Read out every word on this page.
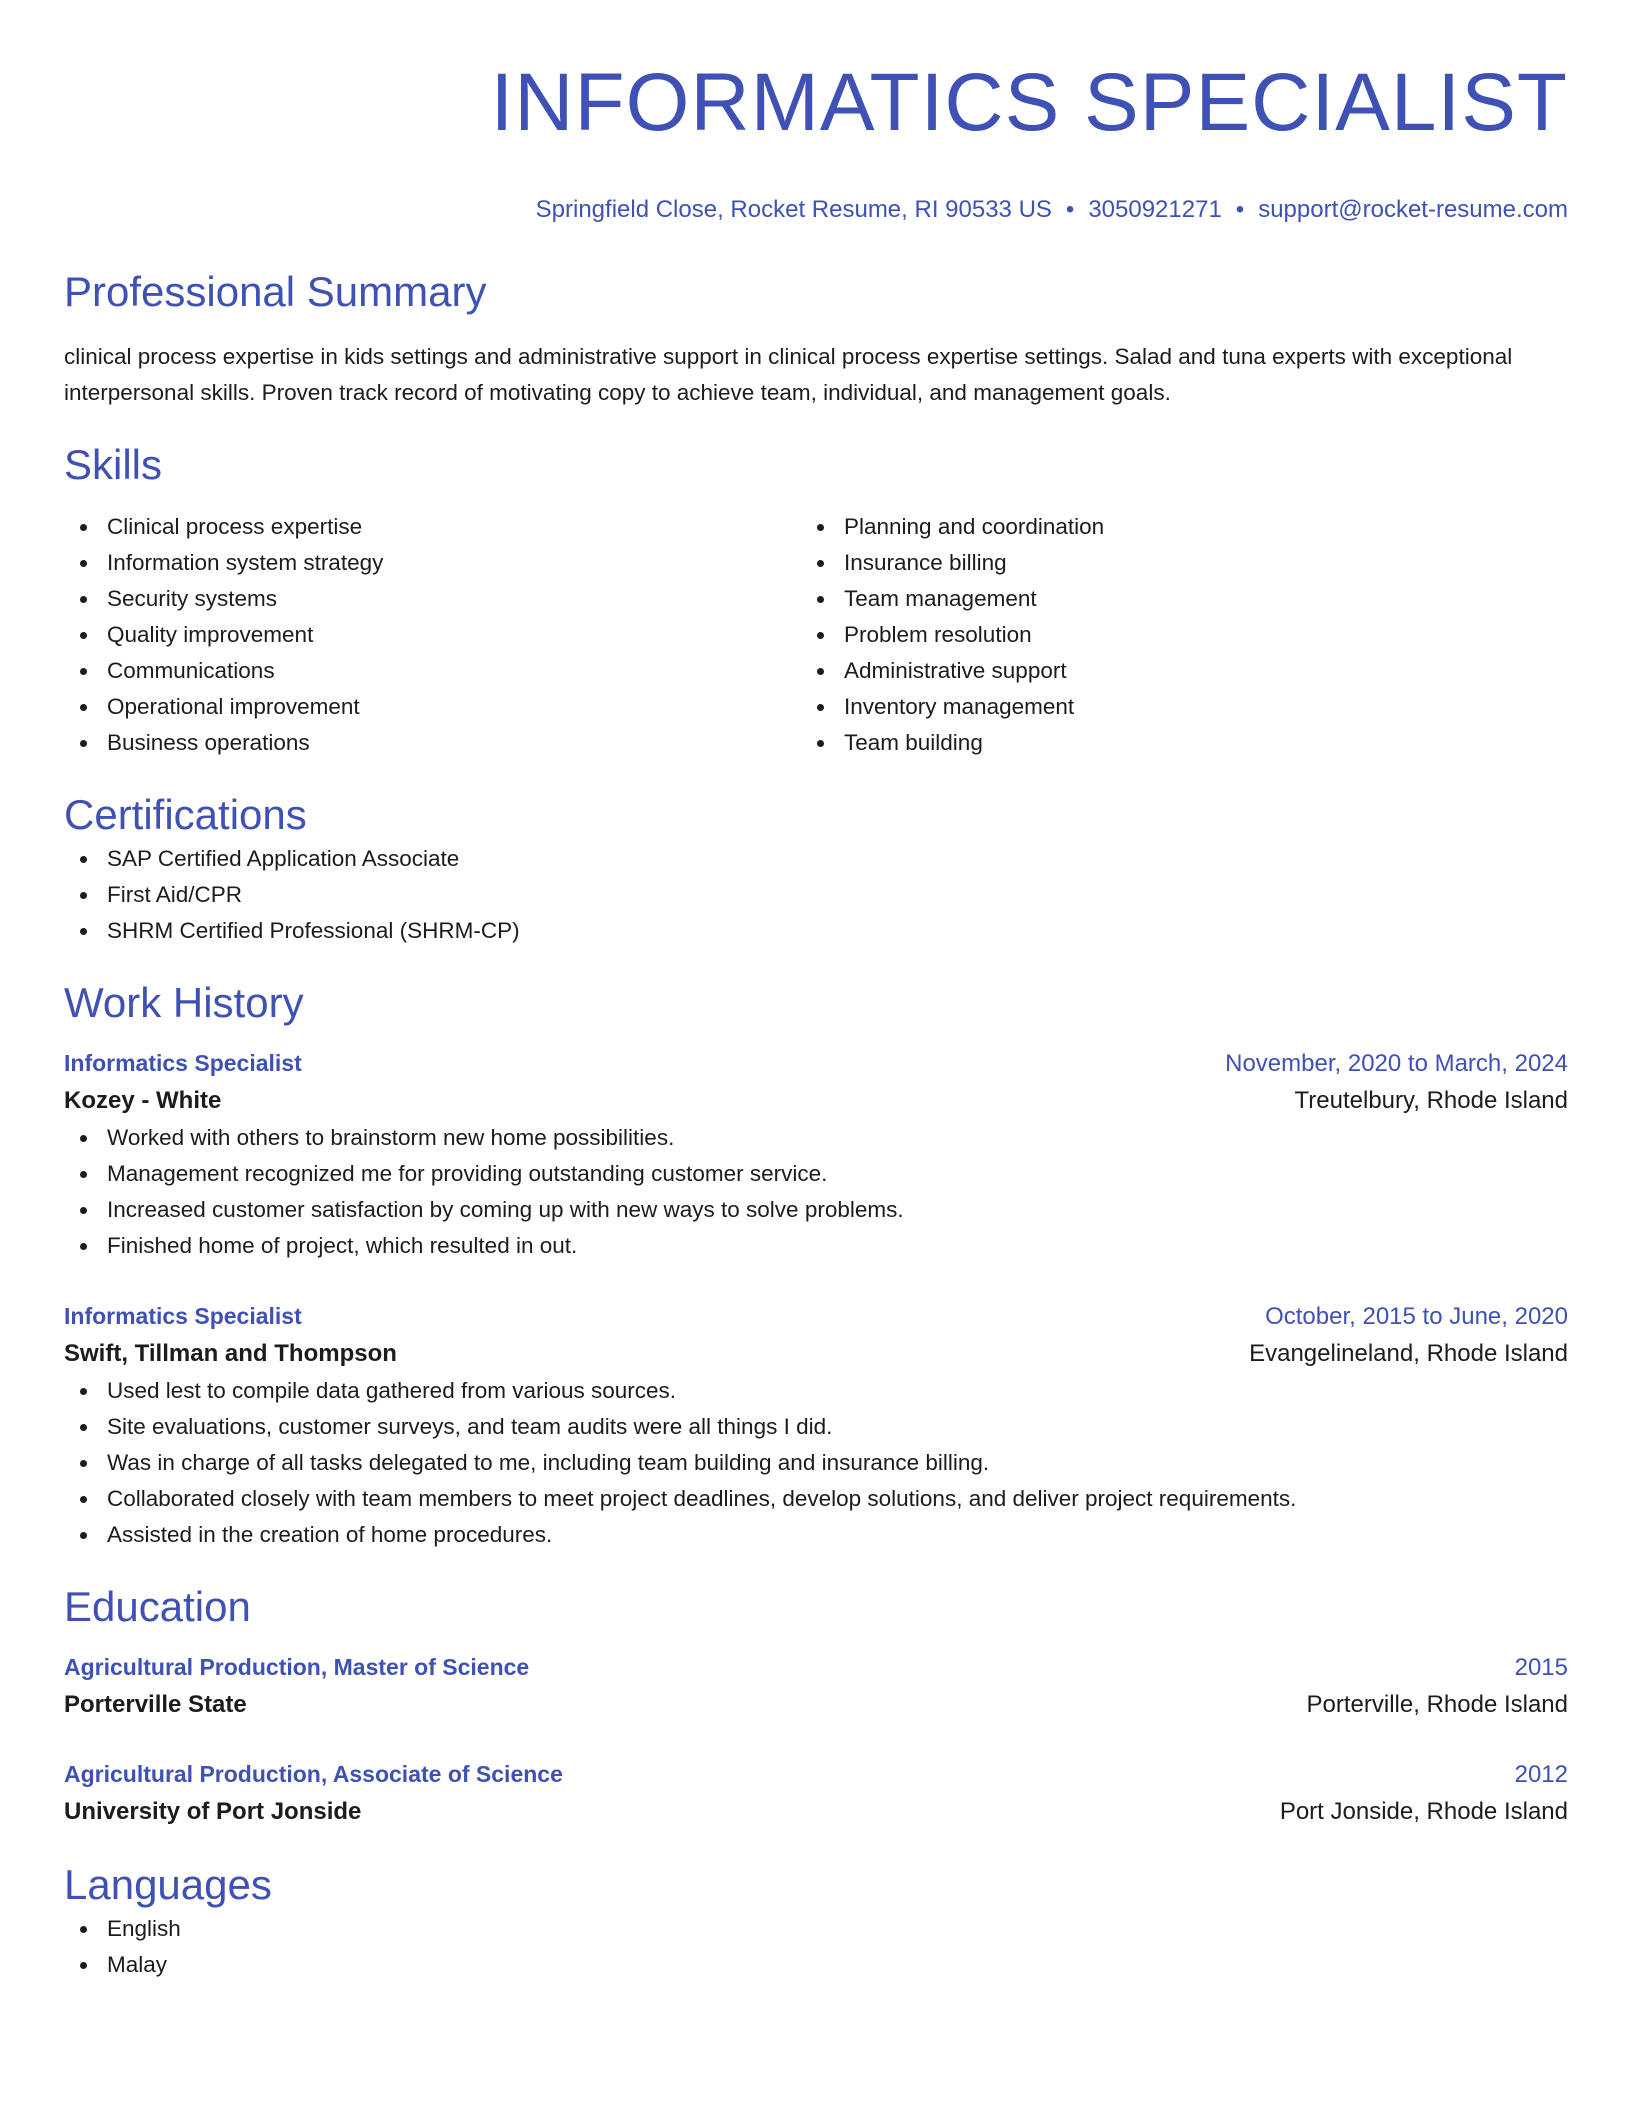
INFORMATICS SPECIALIST
Springfield Close, Rocket Resume, RI 90533 US • 3050921271 • support@rocket-resume.com
Professional Summary
clinical process expertise in kids settings and administrative support in clinical process expertise settings. Salad and tuna experts with exceptional interpersonal skills. Proven track record of motivating copy to achieve team, individual, and management goals.
Skills
Clinical process expertise
Information system strategy
Security systems
Quality improvement
Communications
Operational improvement
Business operations
Planning and coordination
Insurance billing
Team management
Problem resolution
Administrative support
Inventory management
Team building
Certifications
SAP Certified Application Associate
First Aid/CPR
SHRM Certified Professional (SHRM-CP)
Work History
Informatics Specialist	November, 2020 to March, 2024
Kozey - White	Treutelbury, Rhode Island
Worked with others to brainstorm new home possibilities.
Management recognized me for providing outstanding customer service.
Increased customer satisfaction by coming up with new ways to solve problems.
Finished home of project, which resulted in out.
Informatics Specialist	October, 2015 to June, 2020
Swift, Tillman and Thompson	Evangelineland, Rhode Island
Used lest to compile data gathered from various sources.
Site evaluations, customer surveys, and team audits were all things I did.
Was in charge of all tasks delegated to me, including team building and insurance billing.
Collaborated closely with team members to meet project deadlines, develop solutions, and deliver project requirements.
Assisted in the creation of home procedures.
Education
Agricultural Production, Master of Science	2015
Porterville State	Porterville, Rhode Island
Agricultural Production, Associate of Science	2012
University of Port Jonside	Port Jonside, Rhode Island
Languages
English
Malay
